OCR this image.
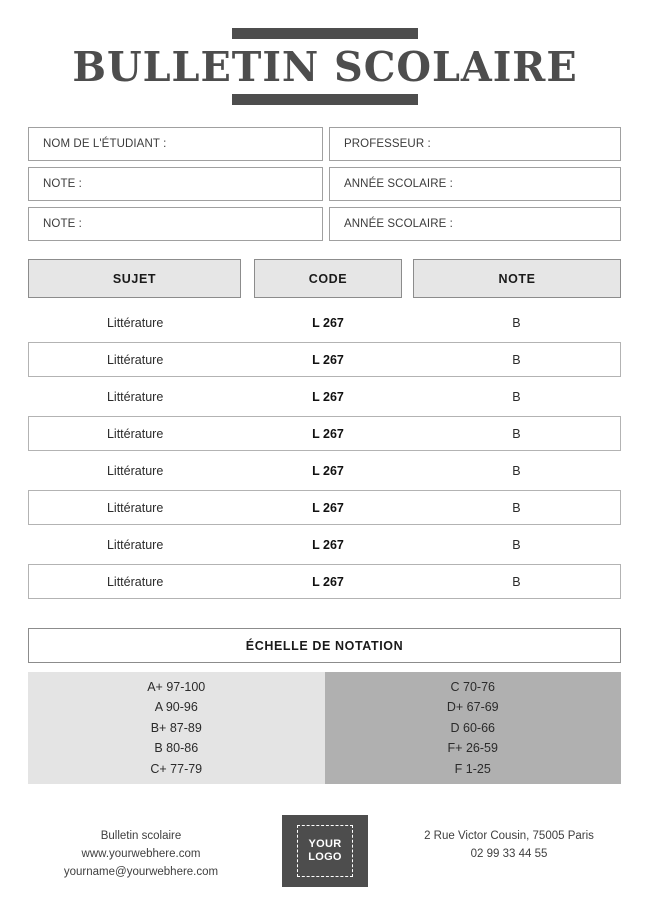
BULLETIN SCOLAIRE
NOM DE L'ÉTUDIANT :	PROFESSEUR :
NOTE :	ANNÉE SCOLAIRE :
NOTE :	ANNÉE SCOLAIRE :
SUJET	CODE	NOTE
Littérature	L 267	B
Littérature	L 267	B
Littérature	L 267	B
Littérature	L 267	B
Littérature	L 267	B
Littérature	L 267	B
Littérature	L 267	B
Littérature	L 267	B
ÉCHELLE DE NOTATION
A+ 97-100
A 90-96
B+ 87-89
B 80-86
C+ 77-79
C 70-76
D+ 67-69
D 60-66
F+ 26-59
F 1-25
Bulletin scolaire
www.yourwebhere.com
yourname@yourwebhere.com
YOUR
LOGO
2 Rue Victor Cousin, 75005 Paris
02 99 33 44 55
